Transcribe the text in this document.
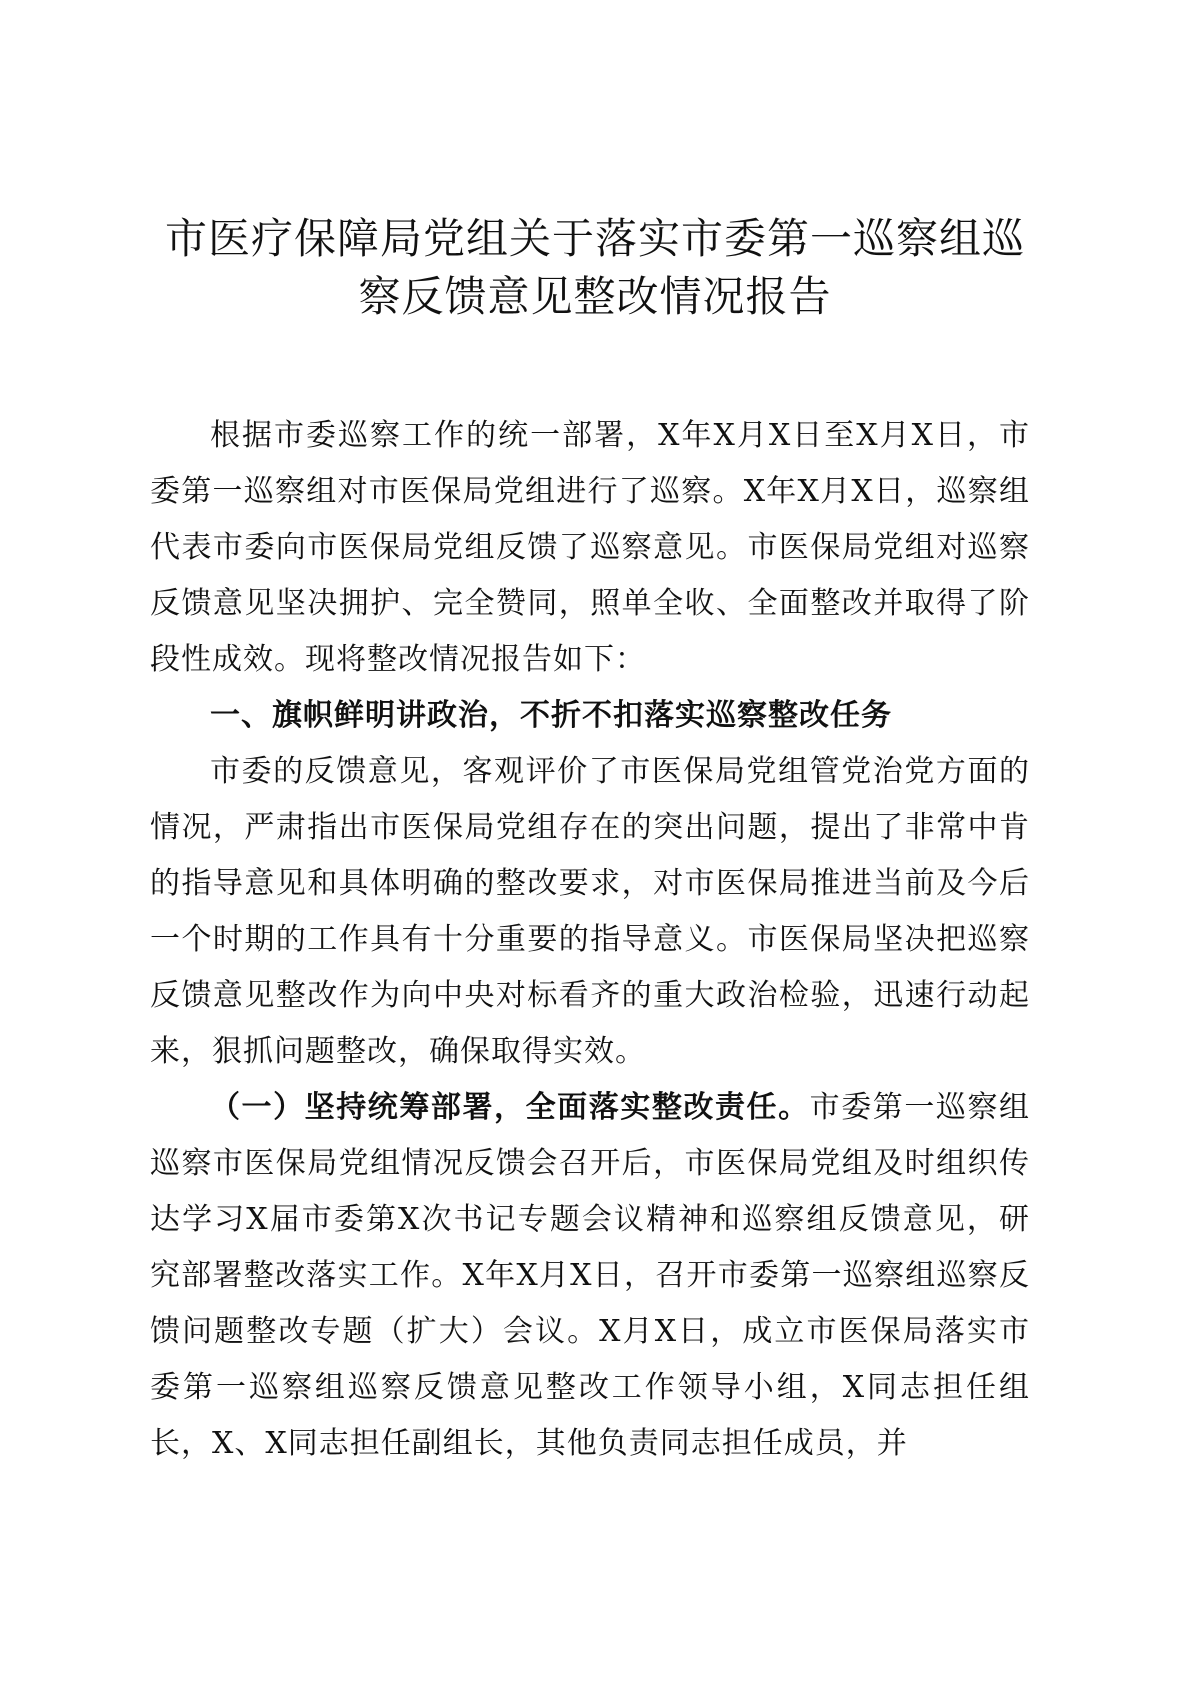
市医疗保障局党组关于落实市委第一巡察组巡
察反馈意见整改情况报告

根据市委巡察工作的统一部署，X年X月X日至X月X日，市委第一巡察组对市医保局党组进行了巡察。X年X月X日，巡察组代表市委向市医保局党组反馈了巡察意见。市医保局党组对巡察反馈意见坚决拥护、完全赞同，照单全收、全面整改并取得了阶段性成效。现将整改情况报告如下：

一、旗帜鲜明讲政治，不折不扣落实巡察整改任务

市委的反馈意见，客观评价了市医保局党组管党治党方面的情况，严肃指出市医保局党组存在的突出问题，提出了非常中肯的指导意见和具体明确的整改要求，对市医保局推进当前及今后一个时期的工作具有十分重要的指导意义。市医保局坚决把巡察反馈意见整改作为向中央对标看齐的重大政治检验，迅速行动起来，狠抓问题整改，确保取得实效。

（一）坚持统筹部署，全面落实整改责任。市委第一巡察组巡察市医保局党组情况反馈会召开后，市医保局党组及时组织传达学习X届市委第X次书记专题会议精神和巡察组反馈意见，研究部署整改落实工作。X年X月X日，召开市委第一巡察组巡察反馈问题整改专题（扩大）会议。X月X日，成立市医保局落实市委第一巡察组巡察反馈意见整改工作领导小组，X同志担任组长，X、X同志担任副组长，其他负责同志担任成员，并
